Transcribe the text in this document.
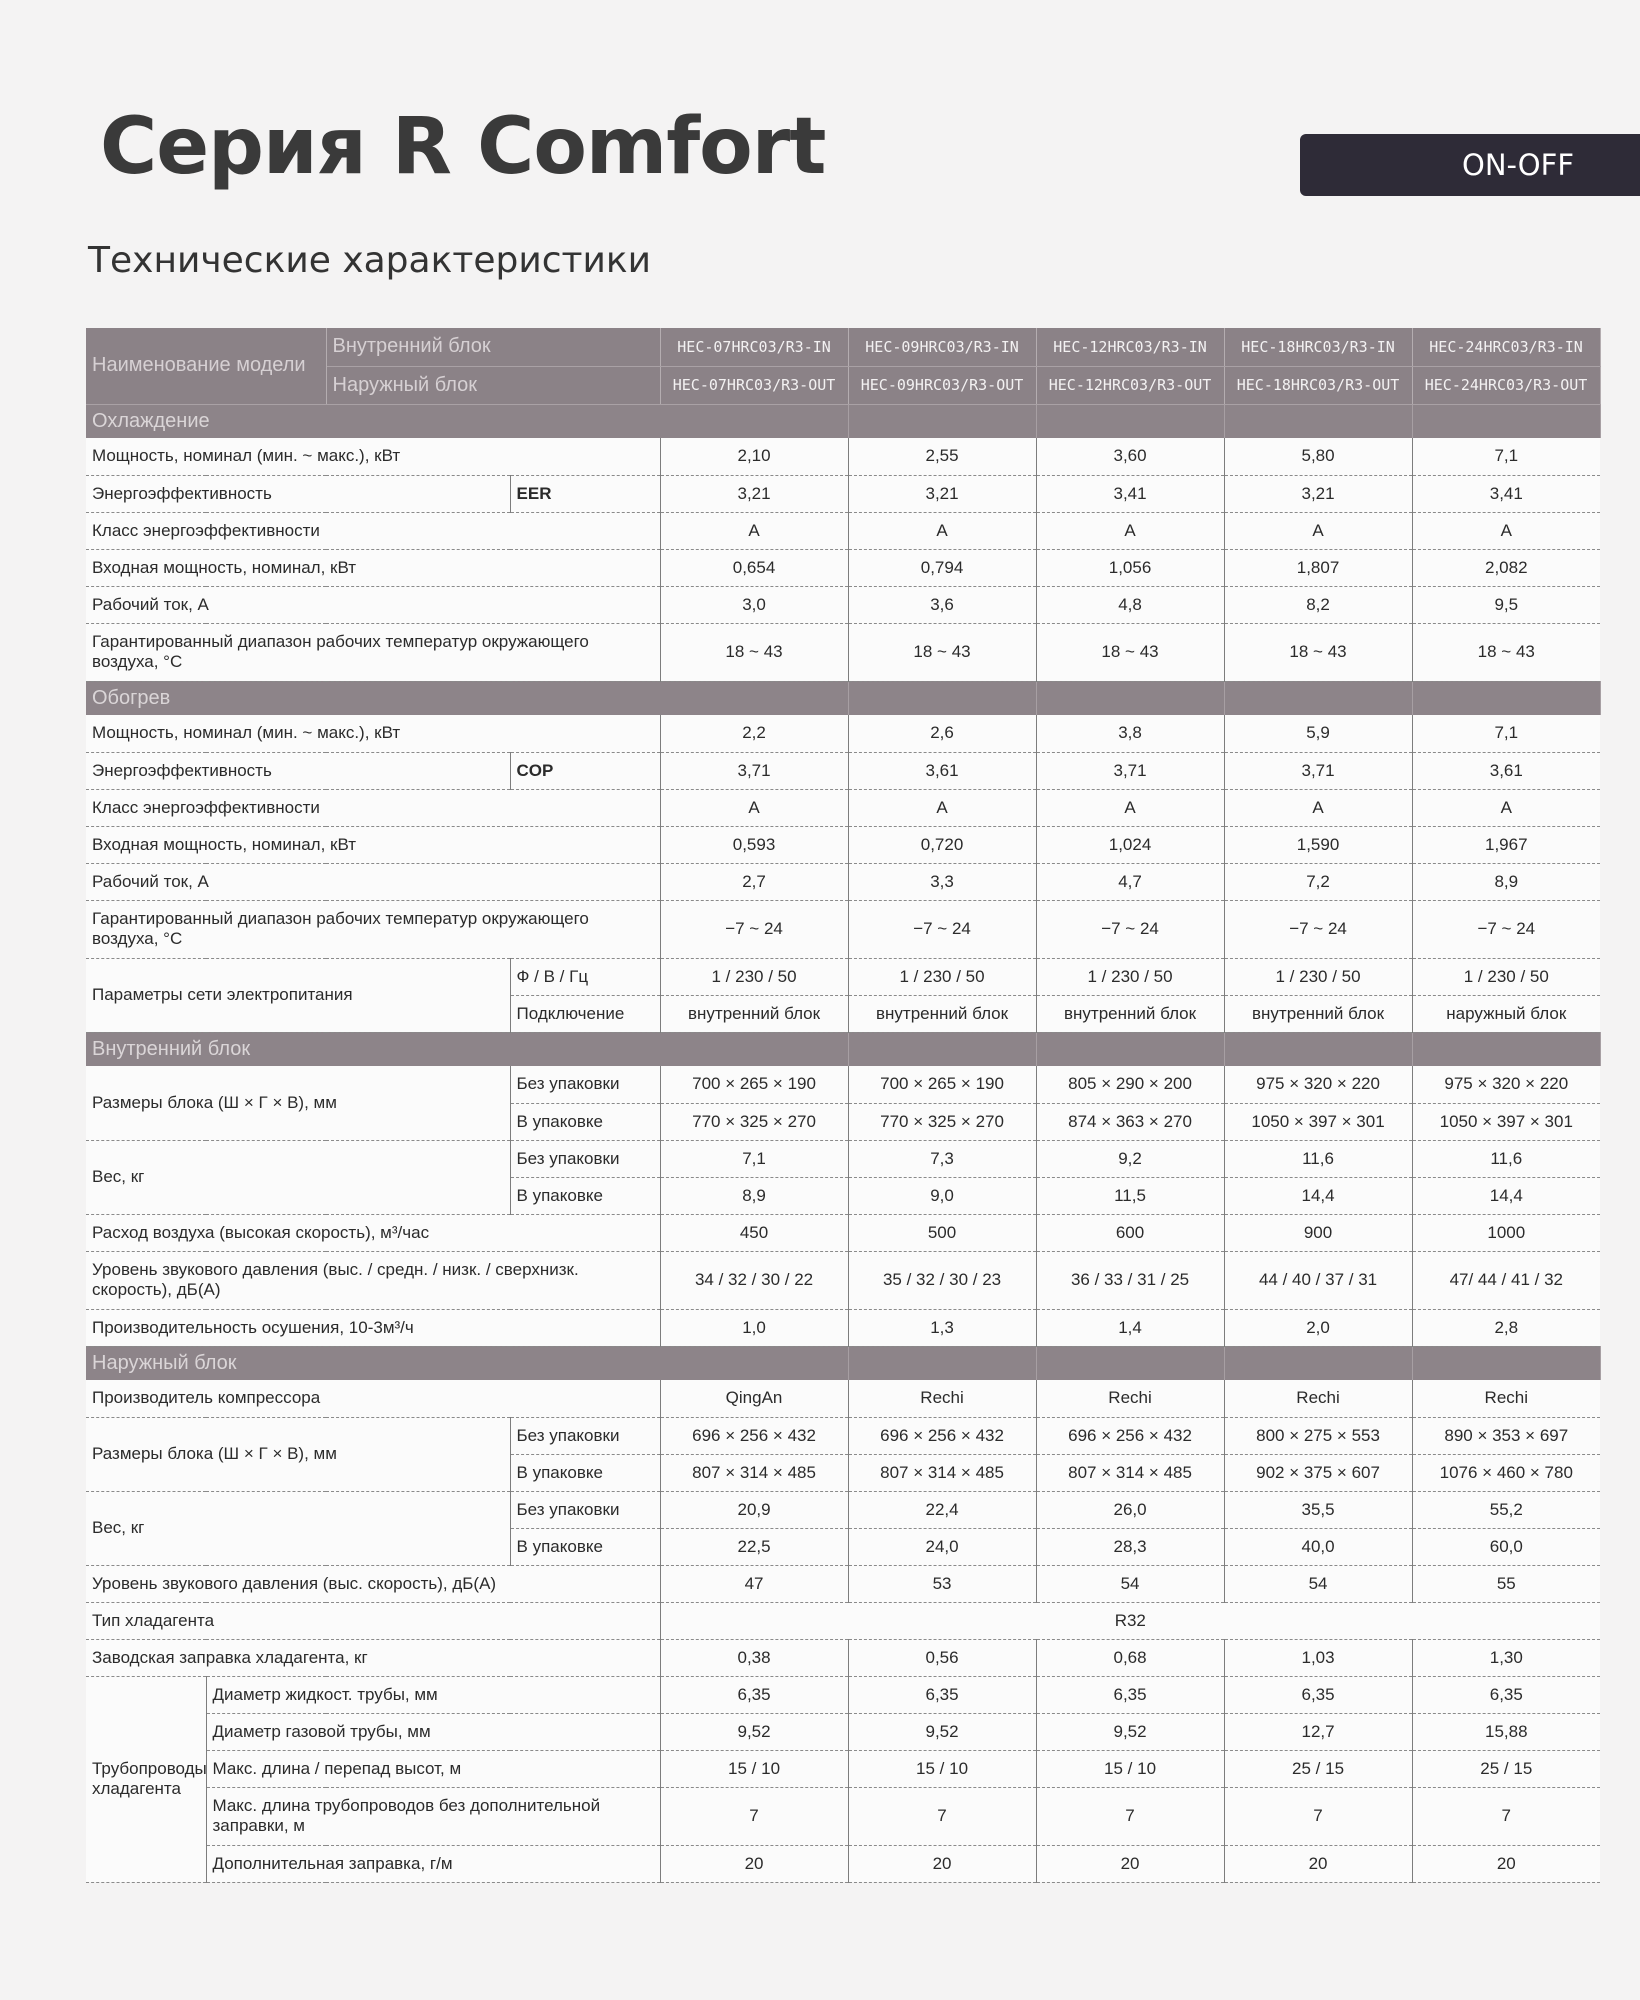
Серия R Comfort	ON-OFF
Технические характеристики
Наименование модели		Внутренний блок		HEC-07HRC03/R3-IN	HEC-09HRC03/R3-IN	HEC-12HRC03/R3-IN	HEC-18HRC03/R3-IN	HEC-24HRC03/R3-IN
		Наружный блок		HEC-07HRC03/R3-OUT	HEC-09HRC03/R3-OUT	HEC-12HRC03/R3-OUT	HEC-18HRC03/R3-OUT	HEC-24HRC03/R3-OUT
Охлаждение								
Мощность, номинал (мин. ~ макс.), кВт				2,10	2,55	3,60	5,80	7,1
Энергоэффективность			EER	3,21	3,21	3,41	3,21	3,41
Класс энергоэффективности				A	A	A	A	A
Входная мощность, номинал, кВт				0,654	0,794	1,056	1,807	2,082
Рабочий ток, А				3,0	3,6	4,8	8,2	9,5
Гарантированный диапазон рабочих температур окружающего воздуха, °C				18 ~ 43	18 ~ 43	18 ~ 43	18 ~ 43	18 ~ 43
Обогрев								
Мощность, номинал (мин. ~ макс.), кВт				2,2	2,6	3,8	5,9	7,1
Энергоэффективность			COP	3,71	3,61	3,71	3,71	3,61
Класс энергоэффективности				A	A	A	A	A
Входная мощность, номинал, кВт				0,593	0,720	1,024	1,590	1,967
Рабочий ток, А				2,7	3,3	4,7	7,2	8,9
Гарантированный диапазон рабочих температур окружающего воздуха, °C				−7 ~ 24	−7 ~ 24	−7 ~ 24	−7 ~ 24	−7 ~ 24
Параметры сети электропитания			Ф / В / Гц	1 / 230 / 50	1 / 230 / 50	1 / 230 / 50	1 / 230 / 50	1 / 230 / 50
			Подключение	внутренний блок	внутренний блок	внутренний блок	внутренний блок	наружный блок
Внутренний блок								
Размеры блока (Ш × Г × В), мм			Без упаковки	700 × 265 × 190	700 × 265 × 190	805 × 290 × 200	975 × 320 × 220	975 × 320 × 220
			В упаковке	770 × 325 × 270	770 × 325 × 270	874 × 363 × 270	1050 × 397 × 301	1050 × 397 × 301
Вес, кг			Без упаковки	7,1	7,3	9,2	11,6	11,6
			В упаковке	8,9	9,0	11,5	14,4	14,4
Расход воздуха (высокая скорость), м³/час				450	500	600	900	1000
Уровень звукового давления (выс. / средн. / низк. / сверхнизк. скорость), дБ(А)				34 / 32 / 30 / 22	35 / 32 / 30 / 23	36 / 33 / 31 / 25	44 / 40 / 37 / 31	47/ 44 / 41 / 32
Производительность осушения, 10-3м³/ч				1,0	1,3	1,4	2,0	2,8
Наружный блок								
Производитель компрессора				QingAn	Rechi	Rechi	Rechi	Rechi
Размеры блока (Ш × Г × В), мм			Без упаковки	696 × 256 × 432	696 × 256 × 432	696 × 256 × 432	800 × 275 × 553	890 × 353 × 697
			В упаковке	807 × 314 × 485	807 × 314 × 485	807 × 314 × 485	902 × 375 × 607	1076 × 460 × 780
Вес, кг			Без упаковки	20,9	22,4	26,0	35,5	55,2
			В упаковке	22,5	24,0	28,3	40,0	60,0
Уровень звукового давления (выс. скорость), дБ(А)				47	53	54	54	55
Тип хладагента				R32				
Заводская заправка хладагента, кг				0,38	0,56	0,68	1,03	1,30
Трубопроводы хладагента	Диаметр жидкост. трубы, мм			6,35	6,35	6,35	6,35	6,35
	Диаметр газовой трубы, мм			9,52	9,52	9,52	12,7	15,88
	Макс. длина / перепад высот, м			15 / 10	15 / 10	15 / 10	25 / 15	25 / 15
	Макс. длина трубопроводов без дополнительной заправки, м			7	7	7	7	7
	Дополнительная заправка, г/м			20	20	20	20	20
